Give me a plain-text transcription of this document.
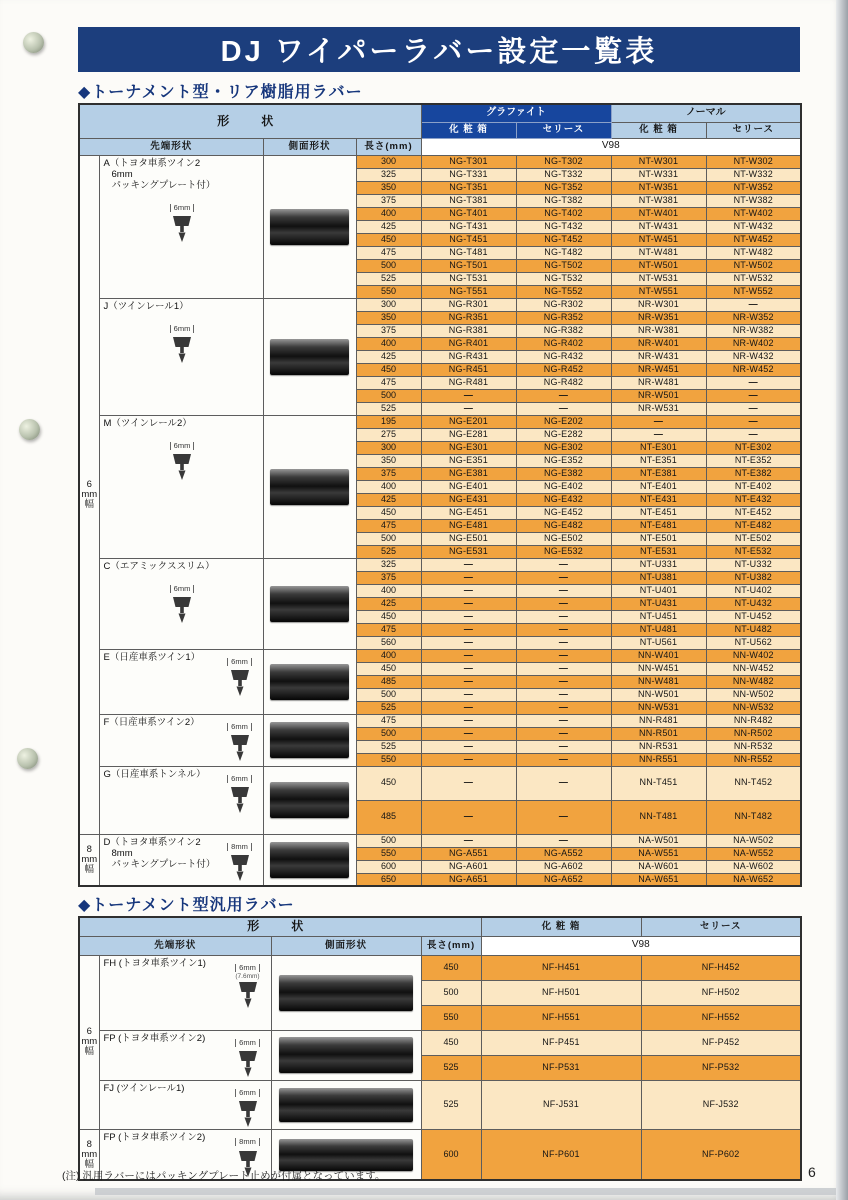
DJ ワイパーラバー設定一覧表
◆トーナメント型・リア樹脂用ラバー
形　状				グラファイト		ノーマル	
				化 粧 箱	セリース	化 粧 箱	セリース
先端形状		側面形状	長さ(mm)	V98			

6
mm
幅

A（トヨタ車系ツイン2
6mm
パッキングプレート付）
6mm

	300	NG-T301	NG-T302	NT-W301	NT-W302
			325	NG-T331	NG-T332	NT-W331	NT-W332
			350	NG-T351	NG-T352	NT-W351	NT-W352
			375	NG-T381	NG-T382	NT-W381	NT-W382
			400	NG-T401	NG-T402	NT-W401	NT-W402
			425	NG-T431	NG-T432	NT-W431	NT-W432
			450	NG-T451	NG-T452	NT-W451	NT-W452
			475	NG-T481	NG-T482	NT-W481	NT-W482
			500	NG-T501	NG-T502	NT-W501	NT-W502
			525	NG-T531	NG-T532	NT-W531	NT-W532
			550	NG-T551	NG-T552	NT-W551	NT-W552

	J（ツインレール1）
6mm		300	NG-R301	NG-R302	NR-W301	—
			350	NG-R351	NG-R352	NR-W351	NR-W352
			375	NG-R381	NG-R382	NR-W381	NR-W382
			400	NG-R401	NG-R402	NR-W401	NR-W402
			425	NG-R431	NG-R432	NR-W431	NR-W432
			450	NG-R451	NG-R452	NR-W451	NR-W452
			475	NG-R481	NG-R482	NR-W481	—
			500	—	—	NR-W501	—
			525	—	—	NR-W531	—

	M（ツインレール2）
6mm		195	NG-E201	NG-E202	—	—
			275	NG-E281	NG-E282	—	—
			300	NG-E301	NG-E302	NT-E301	NT-E302
			350	NG-E351	NG-E352	NT-E351	NT-E352
			375	NG-E381	NG-E382	NT-E381	NT-E382
			400	NG-E401	NG-E402	NT-E401	NT-E402
			425	NG-E431	NG-E432	NT-E431	NT-E432
			450	NG-E451	NG-E452	NT-E451	NT-E452
			475	NG-E481	NG-E482	NT-E481	NT-E482
			500	NG-E501	NG-E502	NT-E501	NT-E502
			525	NG-E531	NG-E532	NT-E531	NT-E532

	C（エアミックススリム）
6mm		325	—	—	NT-U331	NT-U332
			375	—	—	NT-U381	NT-U382
			400	—	—	NT-U401	NT-U402
			425	—	—	NT-U431	NT-U432
			450	—	—	NT-U451	NT-U452
			475	—	—	NT-U481	NT-U482
			560	—	—	NT-U561	NT-U562

	E（日産車系ツイン1） 6mm		400	—	—	NN-W401	NN-W402
			450	—	—	NN-W451	NN-W452
			485	—	—	NN-W481	NN-W482
			500	—	—	NN-W501	NN-W502
			525	—	—	NN-W531	NN-W532

	F（日産車系ツイン2） 6mm		475	—	—	NN-R481	NN-R482
			500	—	—	NN-R501	NN-R502
			525	—	—	NN-R531	NN-R532
			550	—	—	NN-R551	NN-R552

	G（日産車系トンネル） 6mm		450	—	—	NN-T451	NN-T452
			485	—	—	NN-T481	NN-T482

8
mm
幅

D（トヨタ車系ツイン2
8mm
パッキングプレート付）
8mm

	500	—	—	NA-W501	NA-W502
			550	NG-A551	NG-A552	NA-W551	NA-W552
			600	NG-A601	NG-A602	NA-W601	NA-W602
			650	NG-A651	NG-A652	NA-W651	NA-W652
◆トーナメント型汎用ラバー
形　状				化 粧 箱	セリース
先端形状		側面形状	長さ(mm)	V98	

6
mm
幅

FH (トヨタ車系ツイン1)	6mm
(7.6mm)

	450	NF-H451	NF-H452
			500	NF-H501	NF-H502
			550	NF-H551	NF-H552

	FP (トヨタ車系ツイン2) 6mm		450	NF-P451	NF-P452
			525	NF-P531	NF-P532

	FJ (ツインレール1) 6mm		525	NF-J531	NF-J532

8
mm
幅

FP (トヨタ車系ツイン2)	8mm

	600	NF-P601	NF-P602
(注) 汎用ラバーにはパッキングプレート止めが付属となっています。	6
